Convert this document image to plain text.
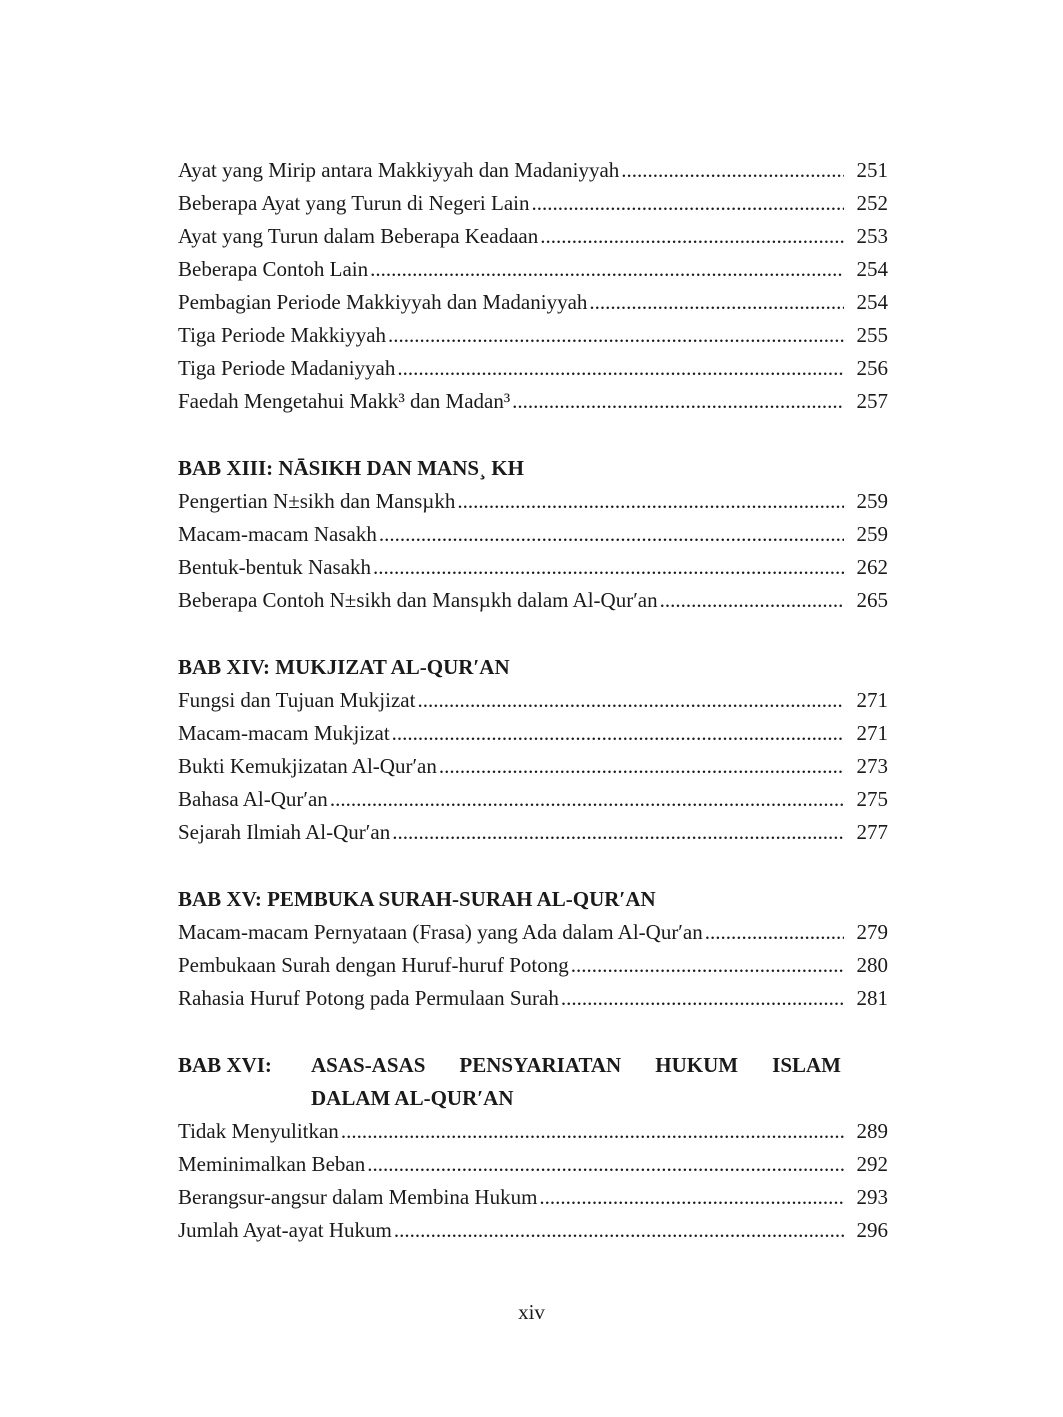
Ayat yang Mirip antara Makkiyyah dan Madaniyyah .....	251
Beberapa Ayat yang Turun di Negeri Lain .....	252
Ayat yang Turun dalam Beberapa Keadaan .....	253
Beberapa Contoh Lain .....	254
Pembagian Periode Makkiyyah dan Madaniyyah .....	254
Tiga Periode Makkiyyah .....	255
Tiga Periode Madaniyyah .....	256
Faedah Mengetahui Makk³ dan Madan³ .....	257
BAB XIII: NĀSIKH DAN MANS¸ KH
Pengertian N±sikh dan Mansµkh .....	259
Macam-macam Nasakh .....	259
Bentuk-bentuk Nasakh .....	262
Beberapa Contoh N±sikh dan Mansµkh dalam Al-Qur′an .....	265
BAB XIV: MUKJIZAT AL-QUR′AN
Fungsi dan Tujuan Mukjizat .....	271
Macam-macam Mukjizat .....	271
Bukti Kemukjizatan Al-Qur′an .....	273
Bahasa Al-Qur′an .....	275
Sejarah Ilmiah Al-Qur′an .....	277
BAB XV: PEMBUKA SURAH-SURAH AL-QUR′AN
Macam-macam Pernyataan (Frasa) yang Ada dalam Al-Qur′an .....	279
Pembukaan Surah dengan Huruf-huruf Potong .....	280
Rahasia Huruf Potong pada Permulaan Surah .....	281
BAB XVI:	ASAS-ASAS PENSYARIATAN HUKUM ISLAM
DALAM AL-QUR′AN
Tidak Menyulitkan .....	289
Meminimalkan Beban .....	292
Berangsur-angsur dalam Membina Hukum .....	293
Jumlah Ayat-ayat Hukum .....	296
xiv
